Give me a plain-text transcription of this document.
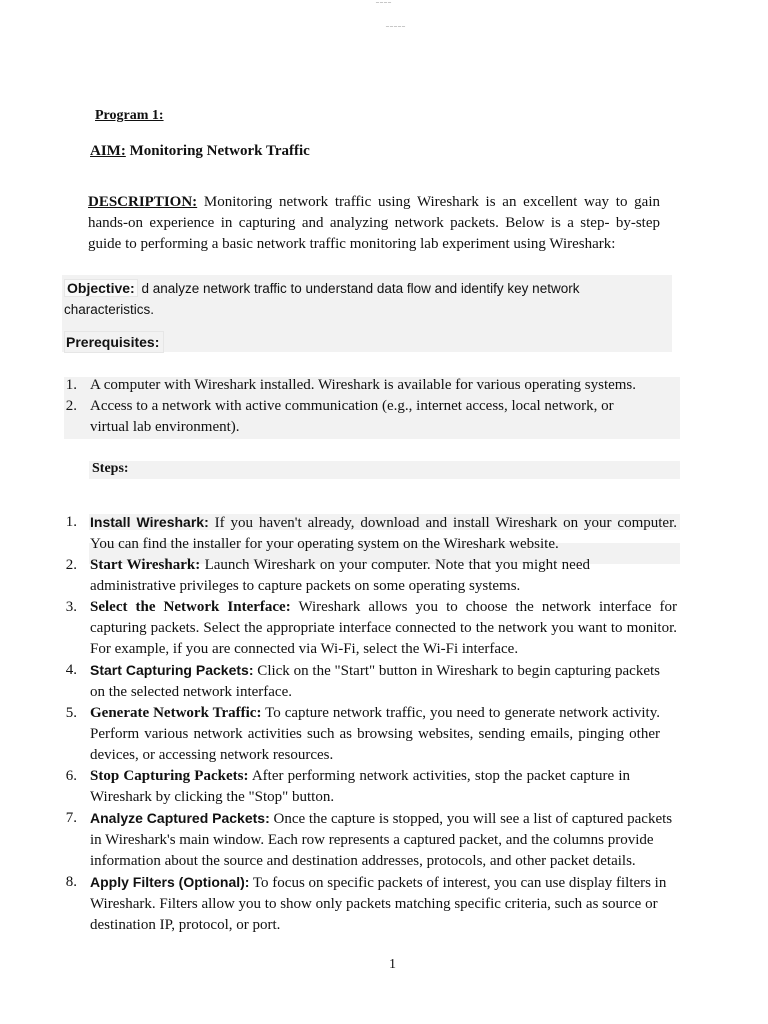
____
_____
Program 1:
AIM: Monitoring Network Traffic
DESCRIPTION: Monitoring network traffic using Wireshark is an excellent way to gain hands-on experience in capturing and analyzing network packets. Below is a step- by-step guide to performing a basic network traffic monitoring lab experiment using Wireshark:
Objective: d analyze network traffic to understand data flow and identify key network characteristics.
Prerequisites:
1. A computer with Wireshark installed. Wireshark is available for various operating systems.
2. Access to a network with active communication (e.g., internet access, local network, or virtual lab environment).
Steps:
1. Install Wireshark: If you haven't already, download and install Wireshark on your computer. You can find the installer for your operating system on the Wireshark website.
2. Start Wireshark: Launch Wireshark on your computer. Note that you might need administrative privileges to capture packets on some operating systems.
3. Select the Network Interface: Wireshark allows you to choose the network interface for capturing packets. Select the appropriate interface connected to the network you want to monitor. For example, if you are connected via Wi-Fi, select the Wi-Fi interface.
4. Start Capturing Packets: Click on the "Start" button in Wireshark to begin capturing packets on the selected network interface.
5. Generate Network Traffic: To capture network traffic, you need to generate network activity. Perform various network activities such as browsing websites, sending emails, pinging other devices, or accessing network resources.
6. Stop Capturing Packets: After performing network activities, stop the packet capture in Wireshark by clicking the "Stop" button.
7. Analyze Captured Packets: Once the capture is stopped, you will see a list of captured packets in Wireshark's main window. Each row represents a captured packet, and the columns provide information about the source and destination addresses, protocols, and other packet details.
8. Apply Filters (Optional): To focus on specific packets of interest, you can use display filters in Wireshark. Filters allow you to show only packets matching specific criteria, such as source or destination IP, protocol, or port.
1
